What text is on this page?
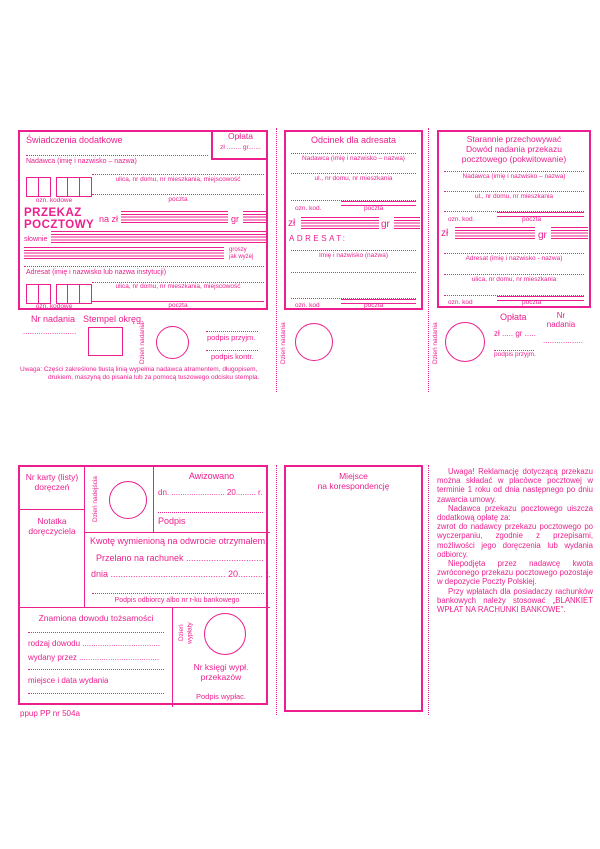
Świadczenia dodatkowe
Nadawca (imię i nazwisko – nazwa)
Opłata
zł ........ gr.......
ozn. kodowe
ulica, nr domu, nr mieszkania, miejscowość
poczta
PRZEKAZ
POCZTOWY na zł	gr
słownie
groszy
jak wyżej
Adresat (imię i nazwisko lub nazwa instytucji)
ozn. kodowe
ulica, nr domu, nr mieszkania, miejscowość
poczta
Nr nadania
........................
Stempel okręg.
Dzień nadania	podpis przyjm.
podpis kontr.
Uwaga: Części zakreślone tłustą linią wypełnia nadawca atramentem, długopisem,
drukiem, maszyną do pisania lub za pomocą tuszowego odcisku stempla.
Odcinek dla adresata
Nadawca (imię i nazwisko – nazwa)
ul., nr domu, nr mieszkania
ozn. kod.	poczta
zł	gr
ADRESAT:
Imię i nazwisko (nazwa)
ozn. kod	poczta
Dzień nadania
Starannie przechowywać
Dowód nadania przekazu
pocztowego (pokwitowanie)
Nadawca (imię i nazwisko – nazwa)
ul., nr domu, nr mieszkania
ozn. kod.	poczta
zł	gr
Adresat (imię i nazwisko - nazwa)
ulica, nr domu, nr mieszkania
ozn. kod	poczta
Dzień nadania
Opłata	Nr
nadania
zł ..... gr .....
..................
podpis przyjm.
Nr karty (listy)
doręczeń
Notatka
doręczyciela
Dzień nadejścia
Awizowano
dn. ........................ 20......... r.
Podpis
Kwotę wymienioną na odwrocie otrzymałem
Przelano na rachunek ...............................
dnia .............................................. 20.......... r.
Podpis odbiorcy albo nr r-ku bankowego
Znamiona dowodu tożsamości
rodzaj dowodu ...................................
wydany przez ....................................
miejsce i data wydania
Dzień
wypłaty
Nr księgi wypł.
przekazów
Podpis wypłac.
ppup PP nr 504a
Miejsce
na korespondencję

Uwaga! Reklamację dotyczącą przekazu można składać w placówce pocztowej w terminie 1 roku od dnia następnego po dniu zawarcia umowy.

Nadawca przekazu pocztowego uiszcza dodatkową opłatę za:

zwrot do nadawcy przekazu pocztowego po wyczerpaniu, zgodnie z przepisami, możliwości jego doręczenia lub wydania odbiorcy.

Niepodjęta przez nadawcę kwota zwróconego przekazu pocztowego pozostaje w depozycie Poczty Polskiej.

Przy wpłatach dla posiadaczy rachunków bankowych należy stosować „BLANKIET WPŁAT NA RACHUNKI BANKOWE".
